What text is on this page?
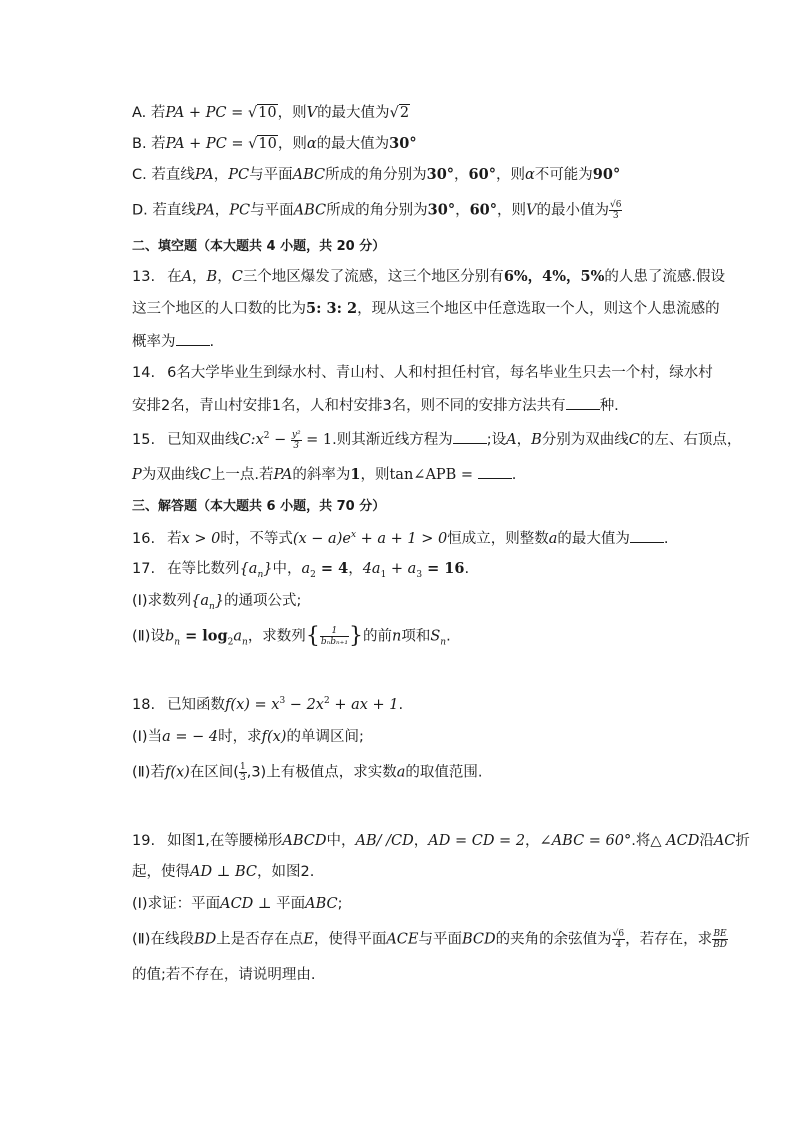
A. 若PA + PC = √10，则V的最大值为√2
B. 若PA + PC = √10，则α的最大值为30°
C. 若直线PA，PC与平面ABC所成的角分别为30°，60°，则α不可能为90°
D. 若直线PA，PC与平面ABC所成的角分别为30°，60°，则V的最小值为 $\frac{√6}{3}$
二、填空题（本大题共 4 小题，共 20 分）
13. 在A，B，C三个地区爆发了流感，这三个地区分别有6%，4%，5%的人患了流感.假设
这三个地区的人口数的比为5: 3: 2，现从这三个地区中任意选取一个人，则这个人患流感的
概率为 .
14. 6名大学毕业生到绿水村、青山村、人和村担任村官，每名毕业生只去一个村，绿水村
安排2名，青山村安排1名，人和村安排3名，则不同的安排方法共有 种.
15. 已知双曲线$C:x^2 - \frac{\text{y²}}{3} = 1$.则其渐近线方程为 ;设A，B分别为双曲线C的左、右顶点，
P为双曲线C上一点.若PA的斜率为1，则tan∠APB = .
三、解答题（本大题共 6 小题，共 70 分）
16. 若x > 0时，不等式$(x - a)e^x + a + 1 > 0$恒成立，则整数a的最大值为 .
17. 在等比数列$\{a_n\}$中，$a_2 = 4$，$4a_1 + a_3 = 16$.
(Ⅰ)求数列$\{a_n\}$的通项公式;
(Ⅱ)设$b_n = \log_2a_n$，求数列{ $\frac{1}{\text{bₙbₙ₊₁}}$ }的前n项和$S_n$.
18. 已知函数$f(x) = x^3 - 2x^2$ + ax + 1.
(Ⅰ)当a = − 4时，求f(x)的单调区间;
(Ⅱ)若f(x)在区间( $\frac{1}{3} ,3$)上有极值点，求实数a的取值范围.
19. 如图1,在等腰梯形ABCD中，AB/ /CD，AD = CD = 2，∠ABC = 60°.将△ ACD沿AC折
起，使得AD ⊥ BC，如图2.
(Ⅰ)求证：平面ACD ⊥ 平面ABC;
(Ⅱ)在线段BD上是否存在点E，使得平面ACE与平面BCD的夹角的余弦值为 $\frac{√6}{4}$ ，若存在，求 $\frac{BE}{BD}$
的值;若不存在，请说明理由.
